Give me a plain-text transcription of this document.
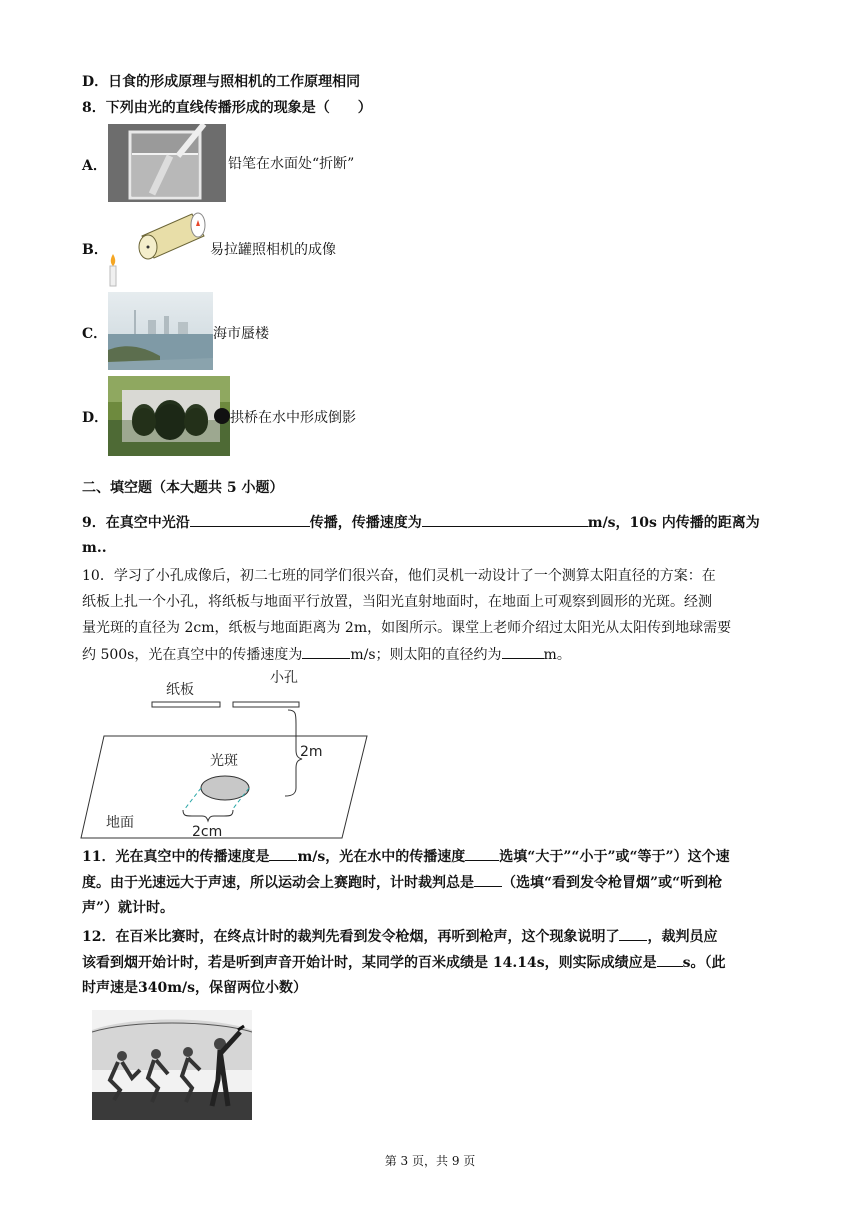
D．日食的形成原理与照相机的工作原理相同
8．下列由光的直线传播形成的现象是（　　）
A．	铅笔在水面处“折断”
B．	易拉罐照相机的成像
C．	海市蜃楼
D．	拱桥在水中形成倒影
二、填空题（本大题共 5 小题）
9．在真空中光沿	传播，传播速度为	m/s，10s 内传播的距离为
m..
10．学习了小孔成像后，初二七班的同学们很兴奋，他们灵机一动设计了一个测算太阳直径的方案：在
纸板上扎一个小孔，将纸板与地面平行放置，当阳光直射地面时，在地面上可观察到圆形的光斑。经测
量光斑的直径为 2cm，纸板与地面距离为 2m，如图所示。课堂上老师介绍过太阳光从太阳传到地球需要
约 500s，光在真空中的传播速度为	m/s；则太阳的直径约为	m。
纸板
小孔
2m
光斑
2cm
地面
11．光在真空中的传播速度是 m/s，光在水中的传播速度 选填“大于”“小于”或“等于”）这个速
度。由于光速远大于声速，所以运动会上赛跑时，计时裁判总是 （选填“看到发令枪冒烟”或“听到枪
声”）就计时。
12．在百米比赛时，在终点计时的裁判先看到发令枪烟，再听到枪声，这个现象说明了 ，裁判员应
该看到烟开始计时，若是听到声音开始计时，某同学的百米成绩是 14.14s，则实际成绩应是 s。（此
时声速是340m/s，保留两位小数）
第 3 页，共 9 页
